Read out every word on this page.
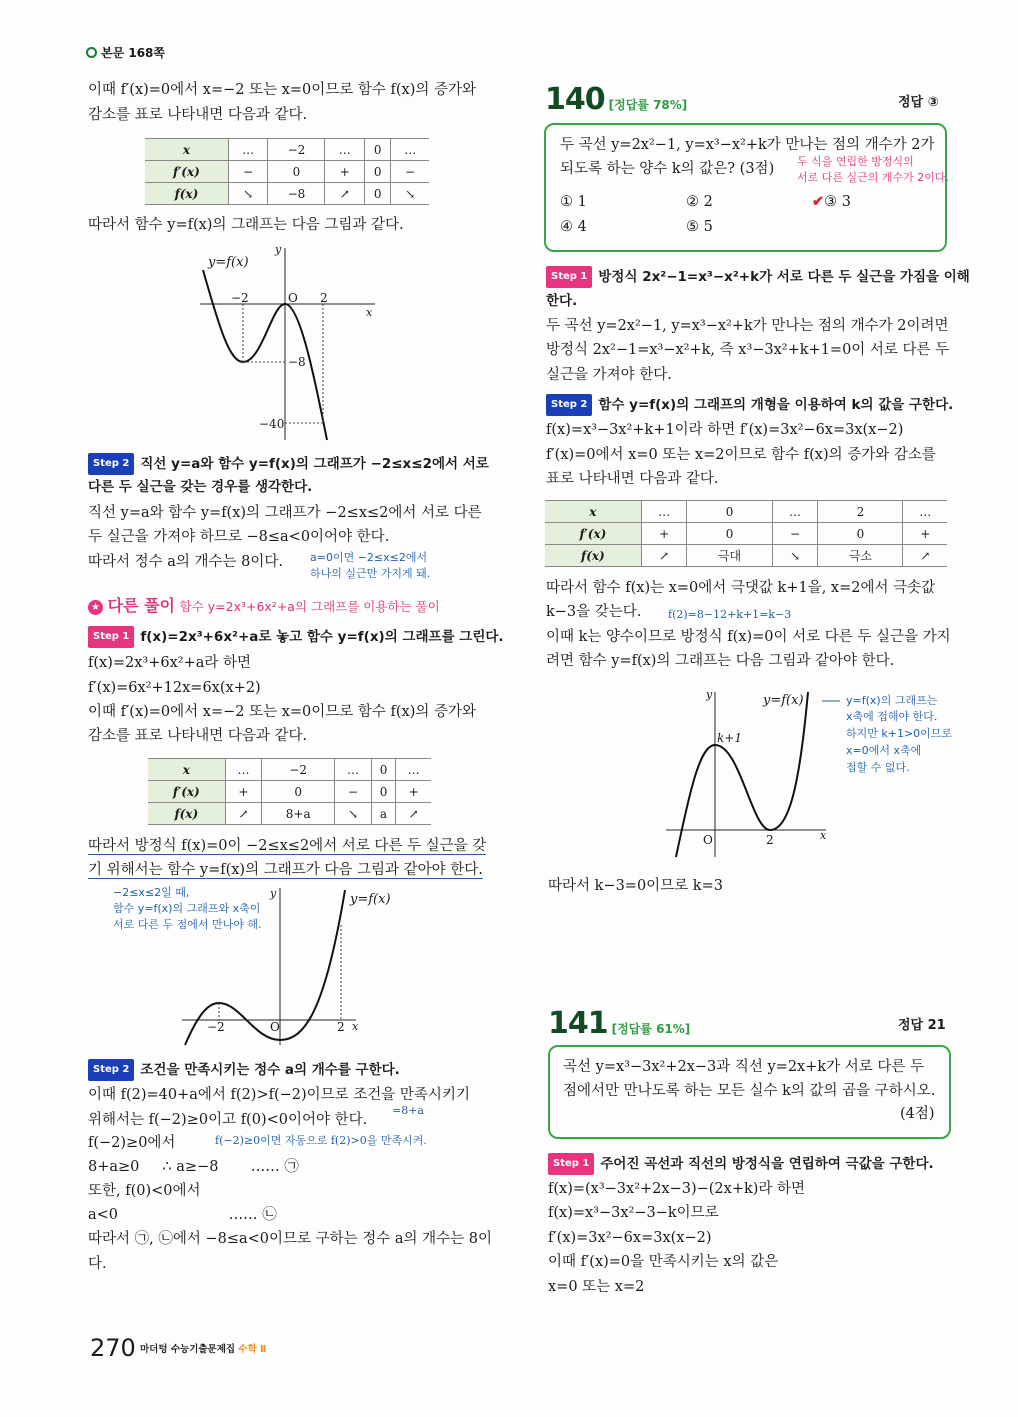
본문 168쪽
이때 f′(x)=0에서 x=−2 또는 x=0이므로 함수 f(x)의 증가와
감소를 표로 나타내면 다음과 같다.
x	…	−2	…	0	…
f′(x)	−	0	+	0	−
f(x)	↘	−8	↗	0	↘
따라서 함수 y=f(x)의 그래프는 다음 그림과 같다.
y=f(x)
y
x
O
−2	2
−8
−40
Step 2 직선 y=a와 함수 y=f(x)의 그래프가 −2≤x≤2에서 서로
다른 두 실근을 갖는 경우를 생각한다.
직선 y=a와 함수 y=f(x)의 그래프가 −2≤x≤2에서 서로 다른
두 실근을 가져야 하므로 −8≤a<0이어야 한다.
따라서 정수 a의 개수는 8이다. a=0이면 −2≤x≤2에서
하나의 실근만 가지게 돼.
★ 다른 풀이 함수 y=2x³+6x²+a의 그래프를 이용하는 풀이
Step 1 f(x)=2x³+6x²+a로 놓고 함수 y=f(x)의 그래프를 그린다.
f(x)=2x³+6x²+a라 하면
f′(x)=6x²+12x=6x(x+2)
이때 f′(x)=0에서 x=−2 또는 x=0이므로 함수 f(x)의 증가와
감소를 표로 나타내면 다음과 같다.
x	…	−2	…	0	…
f′(x)	+	0	−	0	+
f(x)	↗	8+a	↘	a	↗
따라서 방정식 f(x)=0이 −2≤x≤2에서 서로 다른 두 실근을 갖
기 위해서는 함수 y=f(x)의 그래프가 다음 그림과 같아야 한다.
−2≤x≤2일 때,
함수 y=f(x)의 그래프와 x축이
서로 다른 두 점에서 만나야 해.
y=f(x)
y
x
O
−2	2
Step 2 조건을 만족시키는 정수 a의 개수를 구한다.
이때 f(2)=40+a에서 f(2)>f(−2)이므로 조건을 만족시키기
=8+a
위해서는 f(−2)≥0이고 f(0)<0이어야 한다.
f(−2)≥0에서	f(−2)≥0이면 자동으로 f(2)>0을 만족시켜.
8+a≥0     ∴ a≥−8       …… ㉠
또한, f(0)<0에서
a<0                        …… ㉡
따라서 ㉠, ㉡에서 −8≤a<0이므로 구하는 정수 a의 개수는 8이
다.
270 마더텅 수능기출문제집 수학 Ⅱ
140 [정답률 78%]	정답 ③
두 곡선 y=2x²−1, y=x³−x²+k가 만나는 점의 개수가 2가
되도록 하는 양수 k의 값은? (3점) 두 식을 연립한 방정식의
서로 다른 실근의 개수가 2이다.
① 1	② 2	✔③ 3
④ 4	⑤ 5
Step 1 방정식 2x²−1=x³−x²+k가 서로 다른 두 실근을 가짐을 이해
한다.
두 곡선 y=2x²−1, y=x³−x²+k가 만나는 점의 개수가 2이려면
방정식 2x²−1=x³−x²+k, 즉 x³−3x²+k+1=0이 서로 다른 두
실근을 가져야 한다.
Step 2 함수 y=f(x)의 그래프의 개형을 이용하여 k의 값을 구한다.
f(x)=x³−3x²+k+1이라 하면 f′(x)=3x²−6x=3x(x−2)
f′(x)=0에서 x=0 또는 x=2이므로 함수 f(x)의 증가와 감소를
표로 나타내면 다음과 같다.
x	…	0	…	2	…
f′(x)	+	0	−	0	+
f(x)	↗	극대	↘	극소	↗
따라서 함수 f(x)는 x=0에서 극댓값 k+1을, x=2에서 극솟값
k−3을 갖는다. f(2)=8−12+k+1=k−3
이때 k는 양수이므로 방정식 f(x)=0이 서로 다른 두 실근을 가지
려면 함수 y=f(x)의 그래프는 다음 그림과 같아야 한다.
y=f(x)
y
x
O	2
k+1
y=f(x)의 그래프는
x축에 접해야 한다.
하지만 k+1>0이므로
x=0에서 x축에
접할 수 없다.
따라서 k−3=0이므로 k=3
141 [정답률 61%]	정답 21
곡선 y=x³−3x²+2x−3과 직선 y=2x+k가 서로 다른 두
점에서만 만나도록 하는 모든 실수 k의 값의 곱을 구하시오.
(4점)
Step 1 주어진 곡선과 직선의 방정식을 연립하여 극값을 구한다.
f(x)=(x³−3x²+2x−3)−(2x+k)라 하면
f(x)=x³−3x²−3−k이므로
f′(x)=3x²−6x=3x(x−2)
이때 f′(x)=0을 만족시키는 x의 값은
x=0 또는 x=2
